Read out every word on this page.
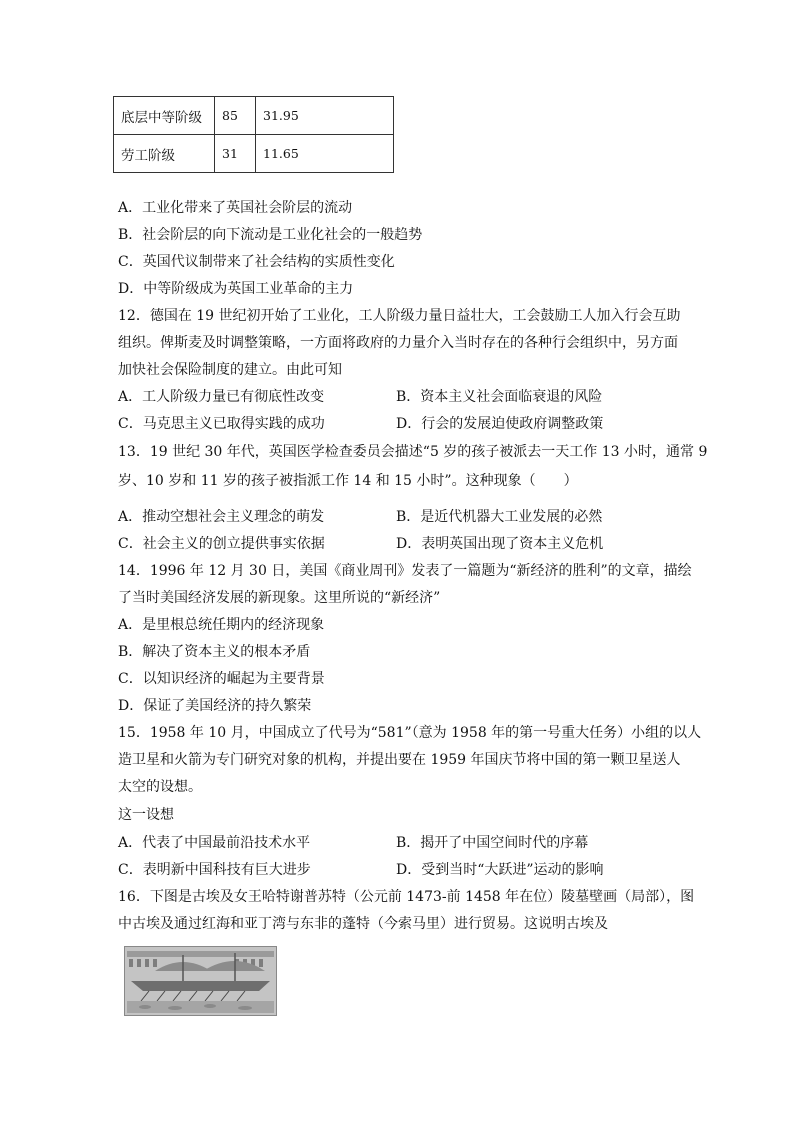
底层中等阶级	85	31.95
劳工阶级	31	11.65
A．工业化带来了英国社会阶层的流动
B．社会阶层的向下流动是工业化社会的一般趋势
C．英国代议制带来了社会结构的实质性变化
D．中等阶级成为英国工业革命的主力
12．德国在 19 世纪初开始了工业化，工人阶级力量日益壮大，工会鼓励工人加入行会互助
组织。俾斯麦及时调整策略，一方面将政府的力量介入当时存在的各种行会组织中，另方面
加快社会保险制度的建立。由此可知
A．工人阶级力量已有彻底性改变	B．资本主义社会面临衰退的风险
C．马克思主义已取得实践的成功	D．行会的发展迫使政府调整政策
13．19 世纪 30 年代，英国医学检查委员会描述“5 岁的孩子被派去一天工作 13 小时，通常 9
岁、10 岁和 11 岁的孩子被指派工作 14 和 15 小时”。这种现象（　　）
A．推动空想社会主义理念的萌发	B．是近代机器大工业发展的必然
C．社会主义的创立提供事实依据	D．表明英国出现了资本主义危机
14．1996 年 12 月 30 日，美国《商业周刊》发表了一篇题为“新经济的胜利”的文章，描绘
了当时美国经济发展的新现象。这里所说的“新经济”
A．是里根总统任期内的经济现象
B．解决了资本主义的根本矛盾
C．以知识经济的崛起为主要背景
D．保证了美国经济的持久繁荣
15．1958 年 10 月，中国成立了代号为“581”（意为 1958 年的第一号重大任务）小组的以人
造卫星和火箭为专门研究对象的机构，并提出要在 1959 年国庆节将中国的第一颗卫星送人
太空的设想。
这一设想
A．代表了中国最前沿技术水平	B．揭开了中国空间时代的序幕
C．表明新中国科技有巨大进步	D．受到当时“大跃进”运动的影响
16．下图是古埃及女王哈特谢普苏特（公元前 1473-前 1458 年在位）陵墓壁画（局部），图
中古埃及通过红海和亚丁湾与东非的蓬特（今索马里）进行贸易。这说明古埃及
